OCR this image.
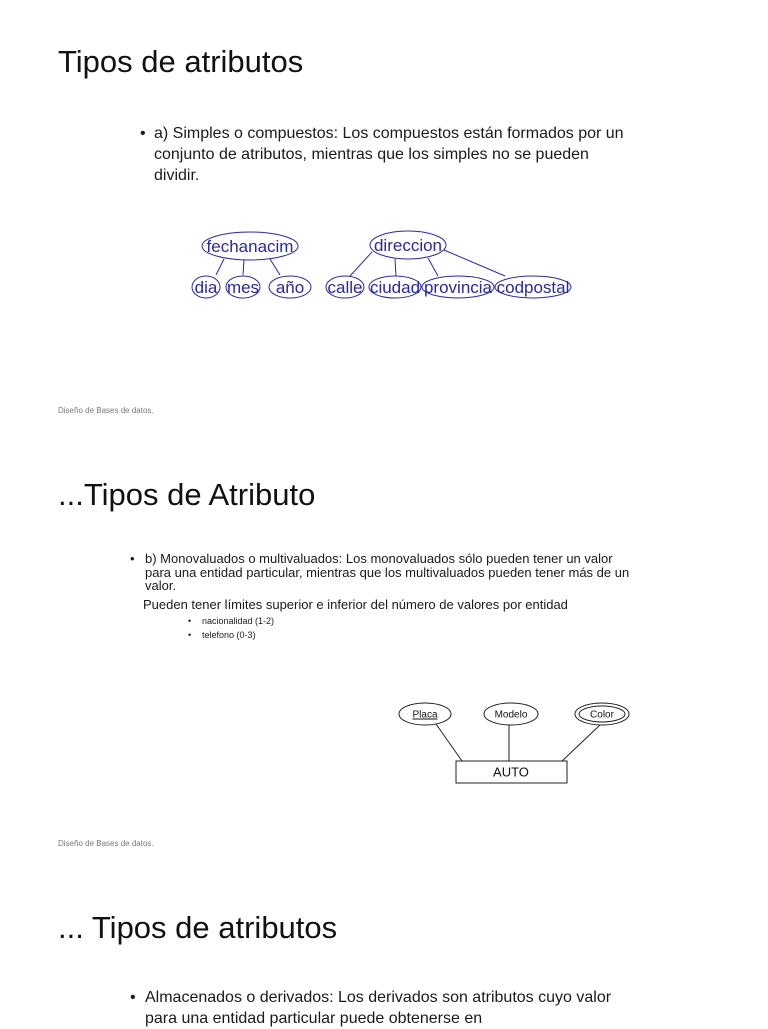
Tipos de atributos
• a) Simples o compuestos: Los compuestos están formados por un conjunto de atributos, mientras que los simples no se pueden dividir.
fechanacim
dia mes año
direccion
calle ciudad provincia codpostal
Diseño de Bases de datos.
...Tipos de Atributo
• b) Monovaluados o multivaluados: Los monovaluados sólo pueden tener un valor para una entidad particular, mientras que los multivaluados pueden tener más de un valor.
Pueden tener límites superior e inferior del número de valores por entidad
• nacionalidad (1-2)
• telefono (0-3)
Placa	Modelo	Color
AUTO
Diseño de Bases de datos.
... Tipos de atributos
• Almacenados o derivados: Los derivados son atributos cuyo valor para una entidad particular puede obtenerse en
